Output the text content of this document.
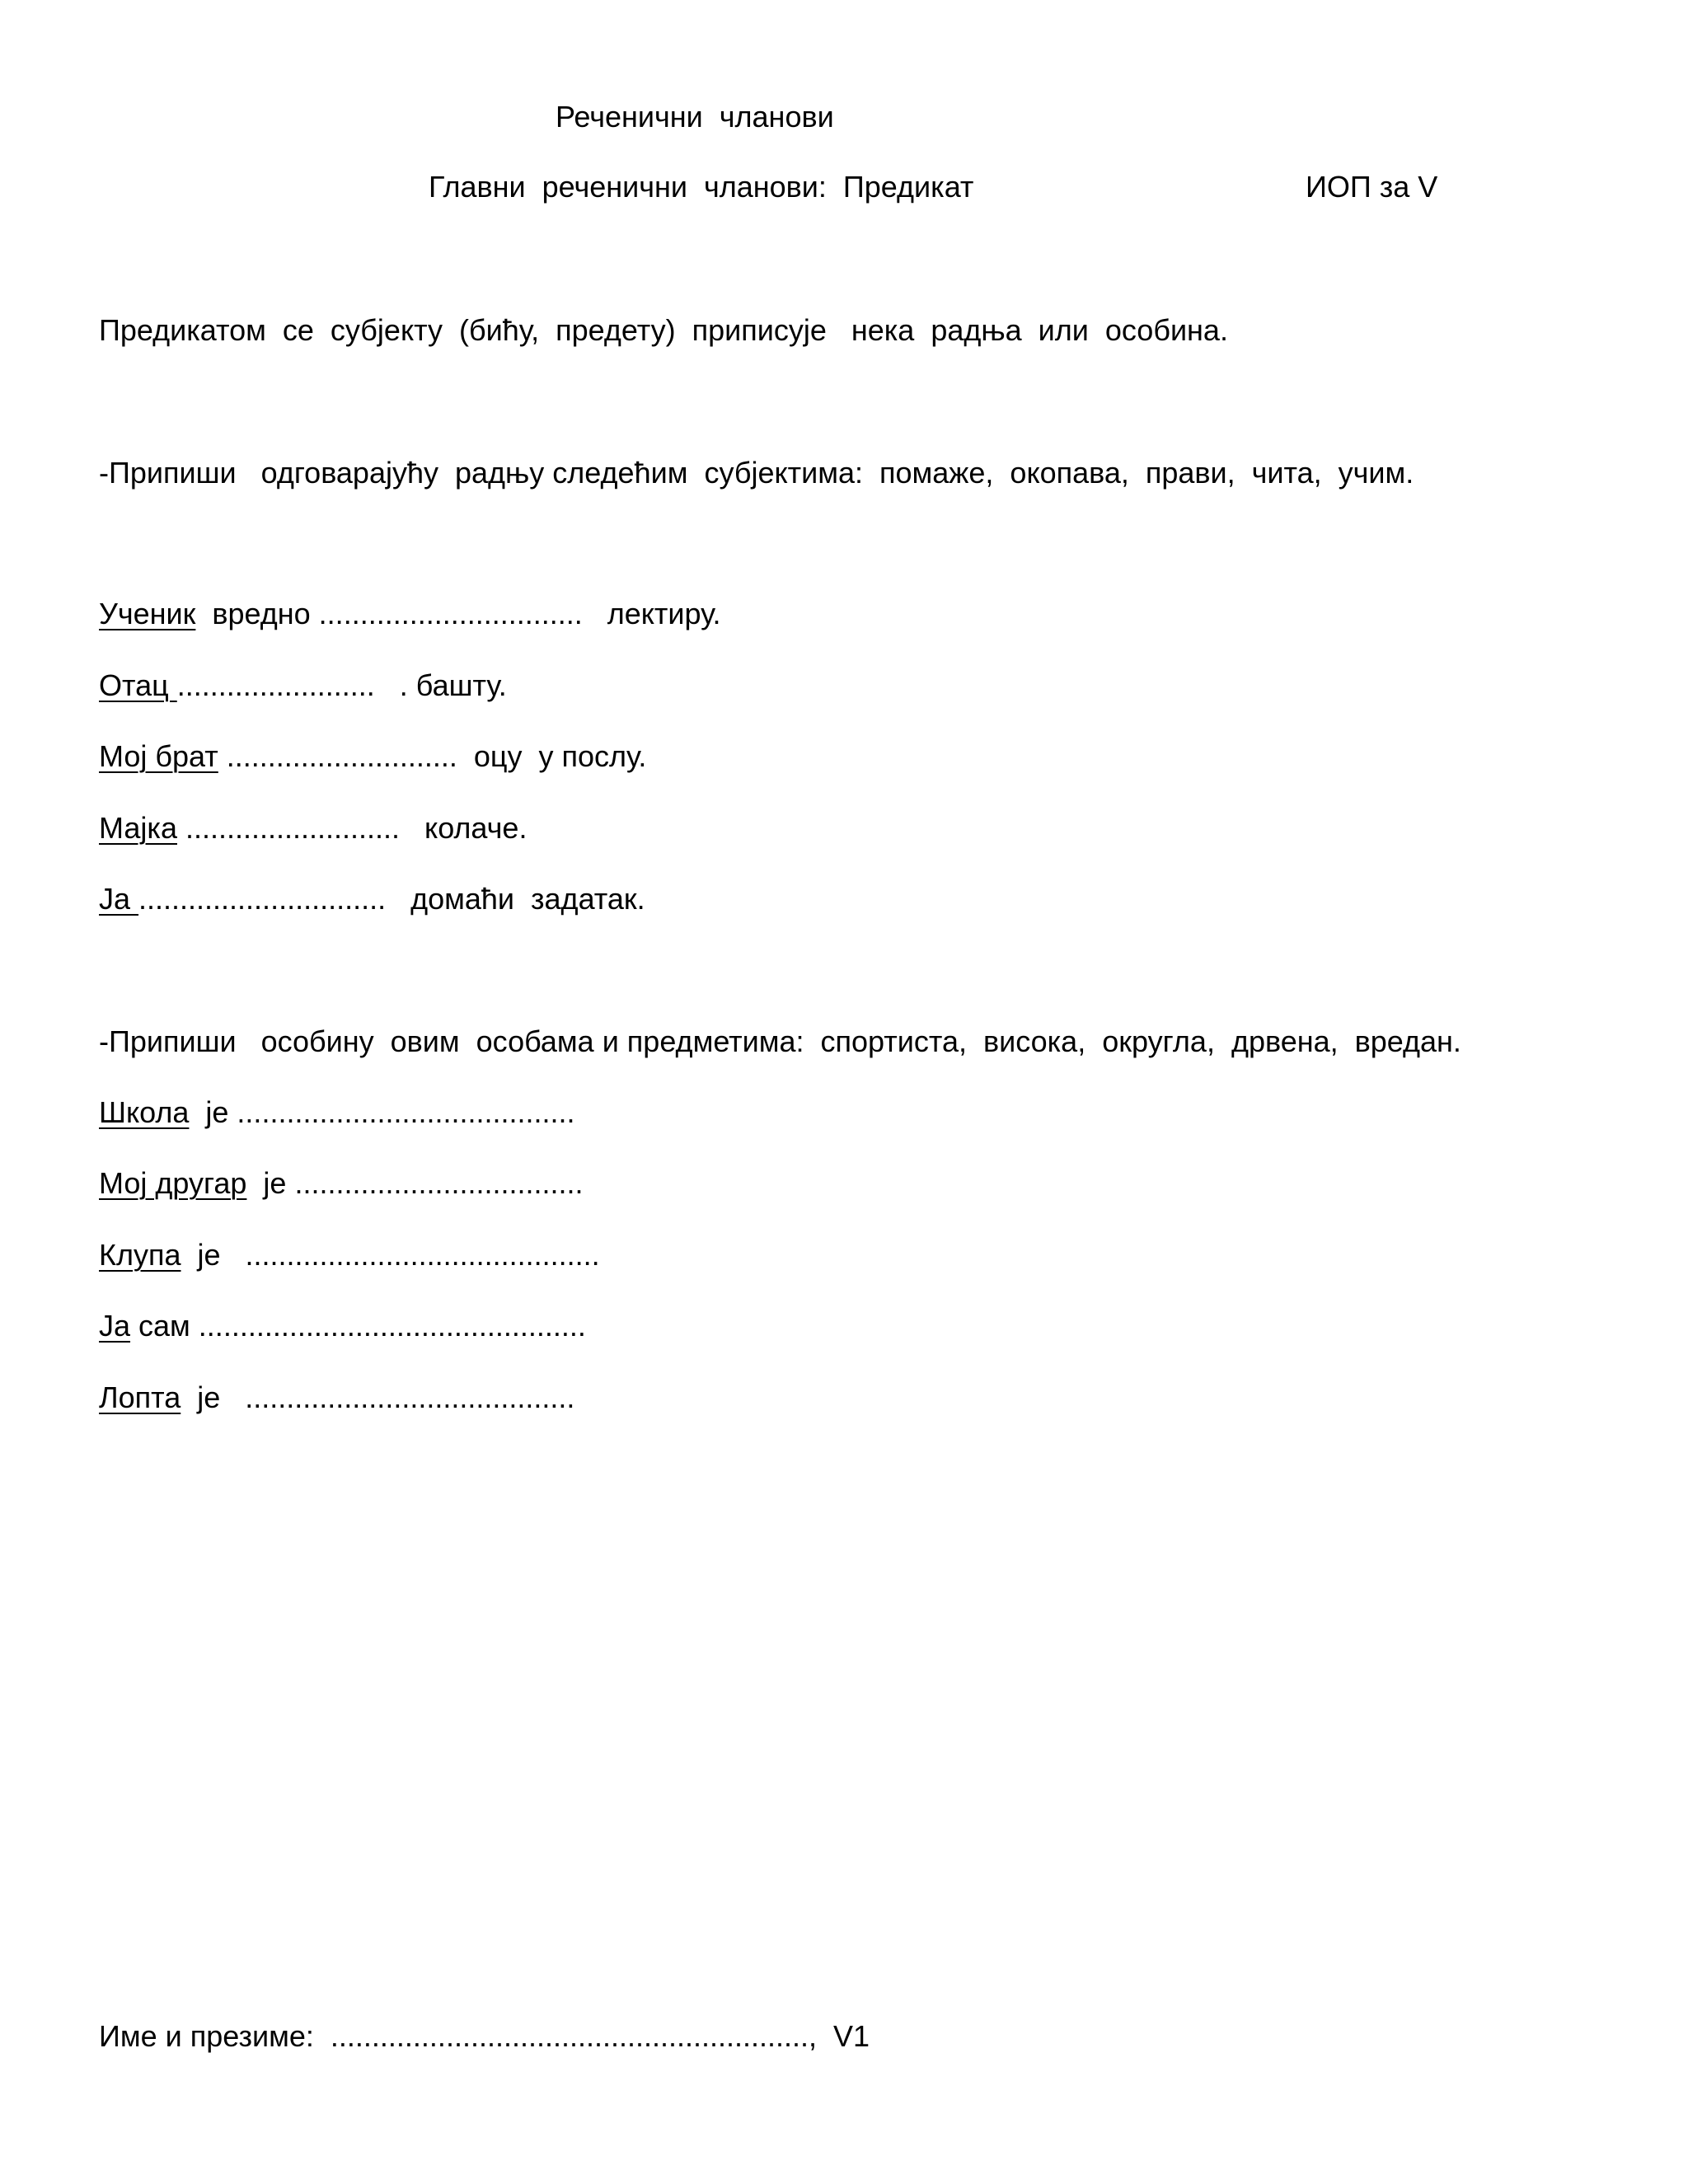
Реченични  чланови
Главни  реченични  чланови:  Предикат	ИОП за V
Предикатом  се  субјекту  (бићу,  предету)  приписује   нека  радња  или  особина.
-Припиши   одговарајућу  радњу следећим  субјектима:  помаже,  окопава,  прави,  чита,  учим.
Ученик  вредно ................................   лектиру.
Отац ........................   . башту.
Мој брат ............................  оцу  у послу.
Мајка ..........................   колаче.
Ја ..............................   домаћи  задатак.
-Припиши   особину  овим  особама и предметима:  спортиста,  висока,  округла,  дрвена,  вредан.
Школа  је .........................................
Мој другар  је ...................................
Клупа  је   ...........................................
Ја сам ...............................................
Лопта  је   ........................................
Име и презиме:  ..........................................................,  V1
